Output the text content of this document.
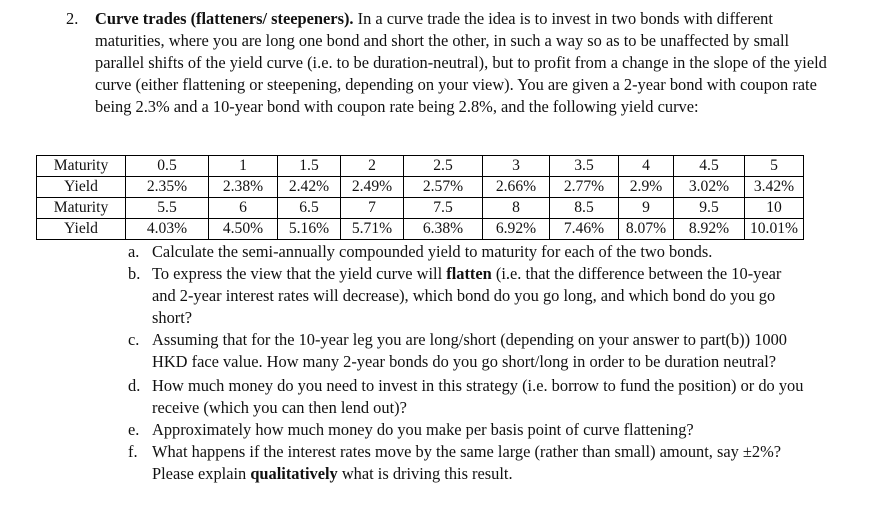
2. Curve trades (flatteners/ steepeners). In a curve trade the idea is to invest in two bonds with different maturities, where you are long one bond and short the other, in such a way so as to be unaffected by small parallel shifts of the yield curve (i.e. to be duration-neutral), but to profit from a change in the slope of the yield curve (either flattening or steepening, depending on your view). You are given a 2-year bond with coupon rate being 2.3% and a 10-year bond with coupon rate being 2.8%, and the following yield curve:
Maturity	0.5	1	1.5	2	2.5	3	3.5	4	4.5	5
Yield	2.35%	2.38%	2.42%	2.49%	2.57%	2.66%	2.77%	2.9%	3.02%	3.42%
Maturity	5.5	6	6.5	7	7.5	8	8.5	9	9.5	10
Yield	4.03%	4.50%	5.16%	5.71%	6.38%	6.92%	7.46%	8.07%	8.92%	10.01%
a. Calculate the semi-annually compounded yield to maturity for each of the two bonds.
b. To express the view that the yield curve will flatten (i.e. that the difference between the 10-year and 2-year interest rates will decrease), which bond do you go long, and which bond do you go short?
c. Assuming that for the 10-year leg you are long/short (depending on your answer to part(b)) 1000 HKD face value. How many 2-year bonds do you go short/long in order to be duration neutral?
d. How much money do you need to invest in this strategy (i.e. borrow to fund the position) or do you receive (which you can then lend out)?
e. Approximately how much money do you make per basis point of curve flattening?
f. What happens if the interest rates move by the same large (rather than small) amount, say ±2%? Please explain qualitatively what is driving this result.
